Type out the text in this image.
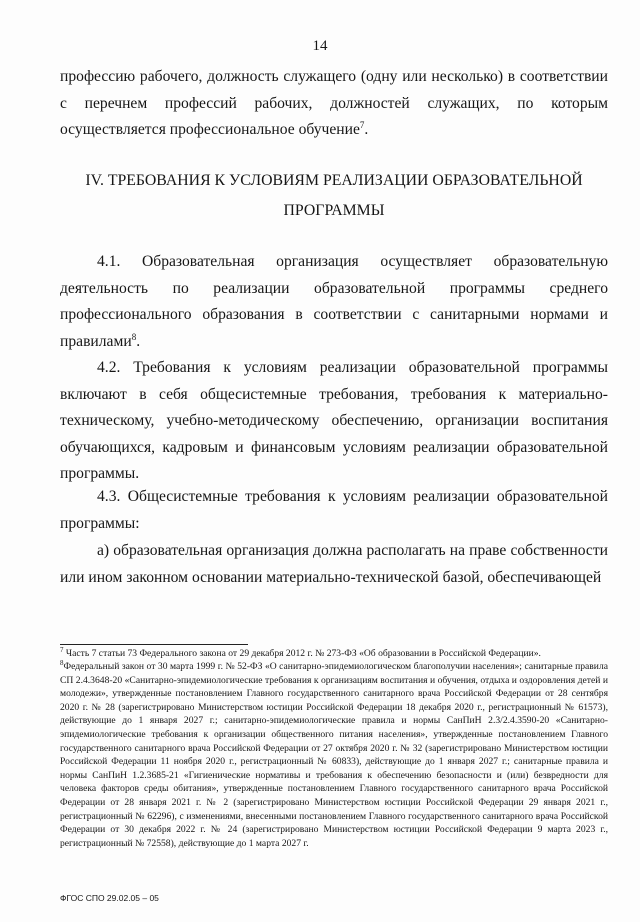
14

профессию рабочего, должность служащего (одну или несколько) в соответствии с перечнем профессий рабочих, должностей служащих, по которым осуществляется профессиональное обучение$^7$.

IV. ТРЕБОВАНИЯ К УСЛОВИЯМ РЕАЛИЗАЦИИ ОБРАЗОВАТЕЛЬНОЙ ПРОГРАММЫ

4.1. Образовательная организация осуществляет образовательную деятельность по реализации образовательной программы среднего профессионального образования в соответствии с санитарными нормами и правилами$^8$.

4.2. Требования к условиям реализации образовательной программы включают в себя общесистемные требования, требования к материально-техническому, учебно-методическому обеспечению, организации воспитания обучающихся, кадровым и финансовым условиям реализации образовательной программы.

4.3. Общесистемные требования к условиям реализации образовательной программы:

а) образовательная организация должна располагать на праве собственности или ином законном основании материально-технической базой, обеспечивающей

$^7$ Часть 7 статьи 73 Федерального закона от 29 декабря 2012 г. № 273-ФЗ «Об образовании в Российской Федерации».

$^8$Федеральный закон от 30 марта 1999 г. № 52-ФЗ «О санитарно-эпидемиологическом благополучии населения»; санитарные правила СП 2.4.3648-20 «Санитарно-эпидемиологические требования к организациям воспитания и обучения, отдыха и оздоровления детей и молодежи», утвержденные постановлением Главного государственного санитарного врача Российской Федерации от 28 сентября 2020 г. № 28 (зарегистрировано Министерством юстиции Российской Федерации 18 декабря 2020 г., регистрационный № 61573), действующие до 1 января 2027 г.; санитарно-эпидемиологические правила и нормы СанПиН 2.3/2.4.3590-20 «Санитарно-эпидемиологические требования к организации общественного питания населения», утвержденные постановлением Главного государственного санитарного врача Российской Федерации от 27 октября 2020 г. № 32 (зарегистрировано Министерством юстиции Российской Федерации 11 ноября 2020 г., регистрационный № 60833), действующие до 1 января 2027 г.; санитарные правила и нормы СанПиН 1.2.3685-21 «Гигиенические нормативы и требования к обеспечению безопасности и (или) безвредности для человека факторов среды обитания», утвержденные постановлением Главного государственного санитарного врача Российской Федерации от 28 января 2021 г. № 2 (зарегистрировано Министерством юстиции Российской Федерации 29 января 2021 г., регистрационный № 62296), с изменениями, внесенными постановлением Главного государственного санитарного врача Российской Федерации от 30 декабря 2022 г. № 24 (зарегистрировано Министерством юстиции Российской Федерации 9 марта 2023 г., регистрационный № 72558), действующие до 1 марта 2027 г.

ФГОС СПО 29.02.05 – 05
